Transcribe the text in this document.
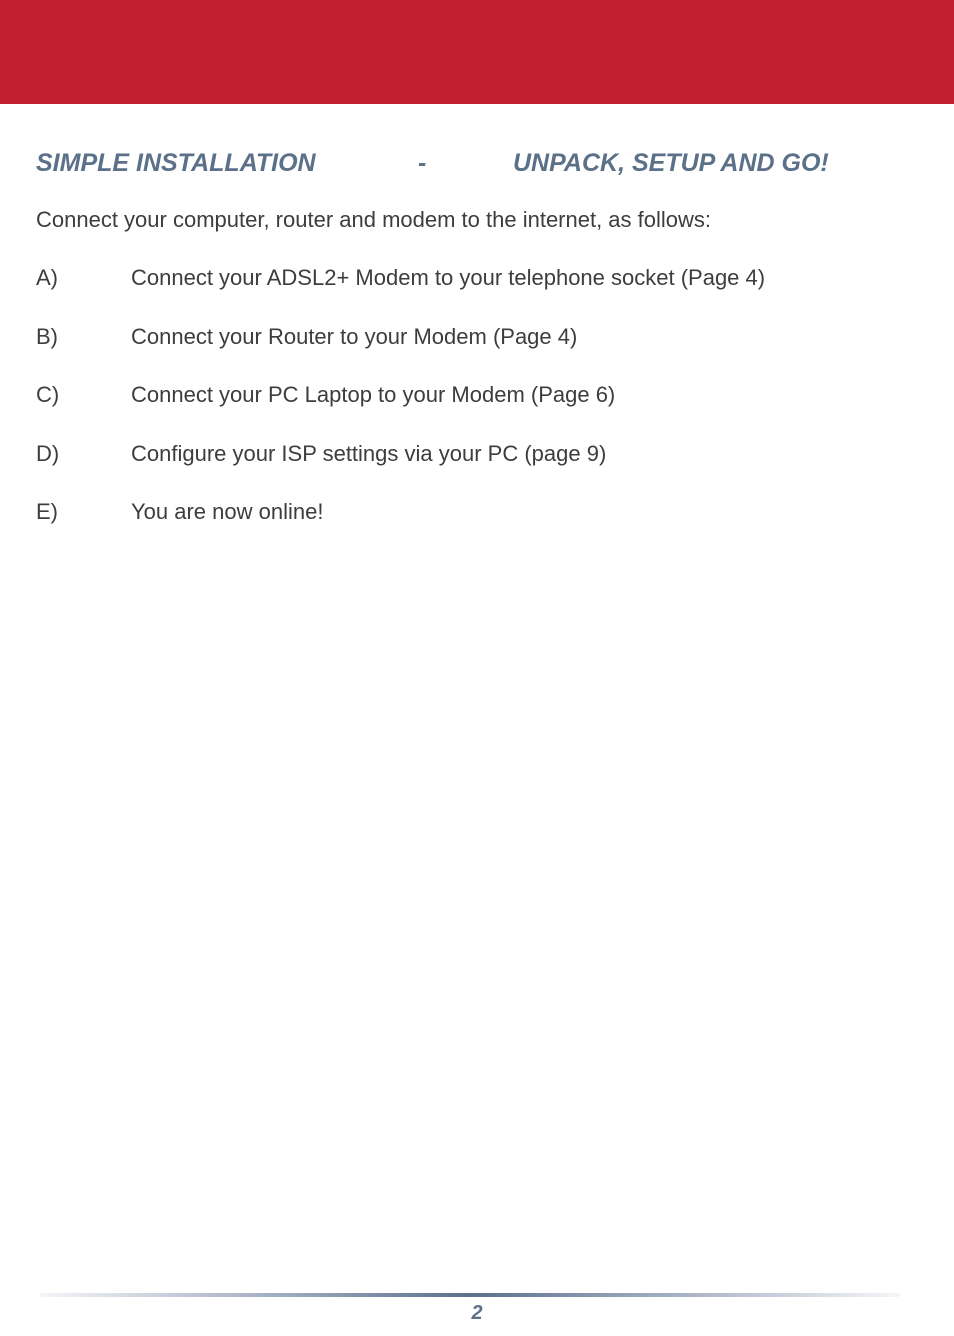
SIMPLE INSTALLATION	-	UNPACK, SETUP AND GO!
Connect your computer, router and modem to the internet, as follows:
A)	Connect your ADSL2+ Modem to your telephone socket (Page 4)
B)	Connect your Router to your Modem (Page 4)
C)	Connect your PC Laptop to your Modem (Page 6)
D)	Configure your ISP settings via your PC (page 9)
E)	You are now online!
2
